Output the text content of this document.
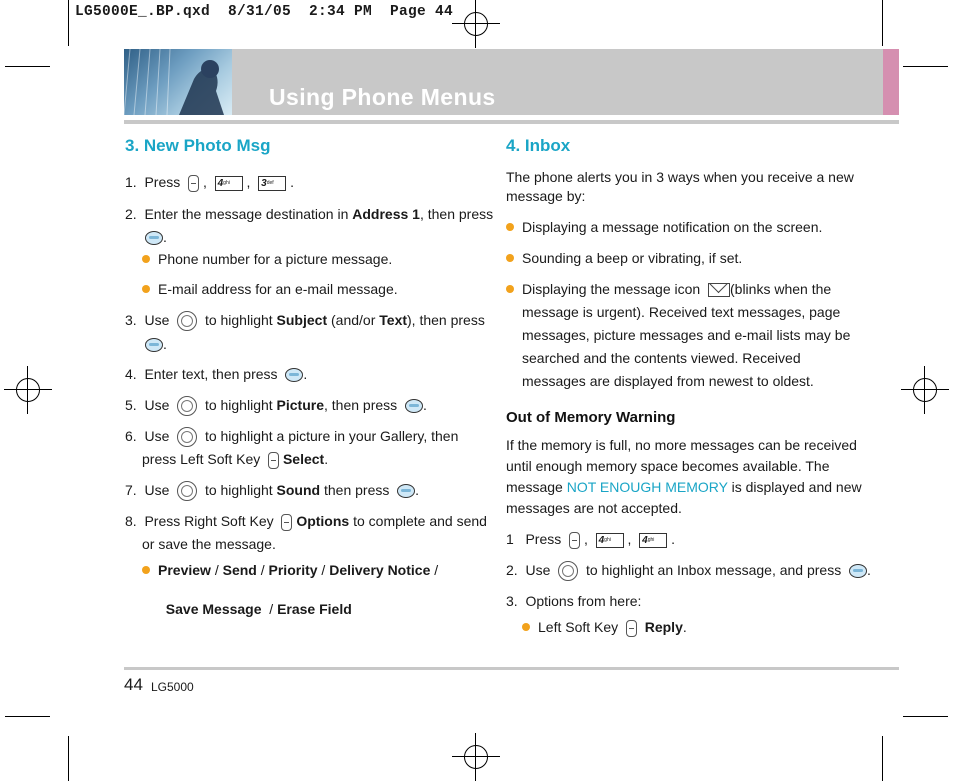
LG5000E_.BP.qxd  8/31/05  2:34 PM  Page 44
Using Phone Menus
3. New Photo Msg
1. Press , $4^{ghi}$ , $3^{def}$ .
2. Enter the message destination in Address 1, then press
.
Phone number for a picture message.
E-mail address for an e-mail message.
3. Use	to highlight Subject (and/or Text), then press
.
4. Enter text, then press .
5. Use	to highlight Picture, then press .
6. Use	to highlight a picture in your Gallery, then
press Left Soft Key Select.
7. Use	to highlight Sound then press .
8. Press Right Soft Key Options to complete and send
or save the message.
Preview / Send / Priority / Delivery Notice /

Save Message  / Erase Field

4. Inbox
The phone alerts you in 3 ways when you receive a new
message by:
Displaying a message notification on the screen.
Sounding a beep or vibrating, if set.
Displaying the message icon (blinks when the
message is urgent). Received text messages, page
messages, picture messages and e-mail lists may be
searched and the contents viewed. Received
messages are displayed from newest to oldest.
Out of Memory Warning
If the memory is full, no more messages can be received
until enough memory space becomes available. The
message NOT ENOUGH MEMORY is displayed and new
messages are not accepted.
1 Press , $4^{ghi}$ , $4^{ghi}$ .
2. Use	to highlight an Inbox message, and press .
3. Options from here:
Left Soft Key Reply.
44 LG5000
